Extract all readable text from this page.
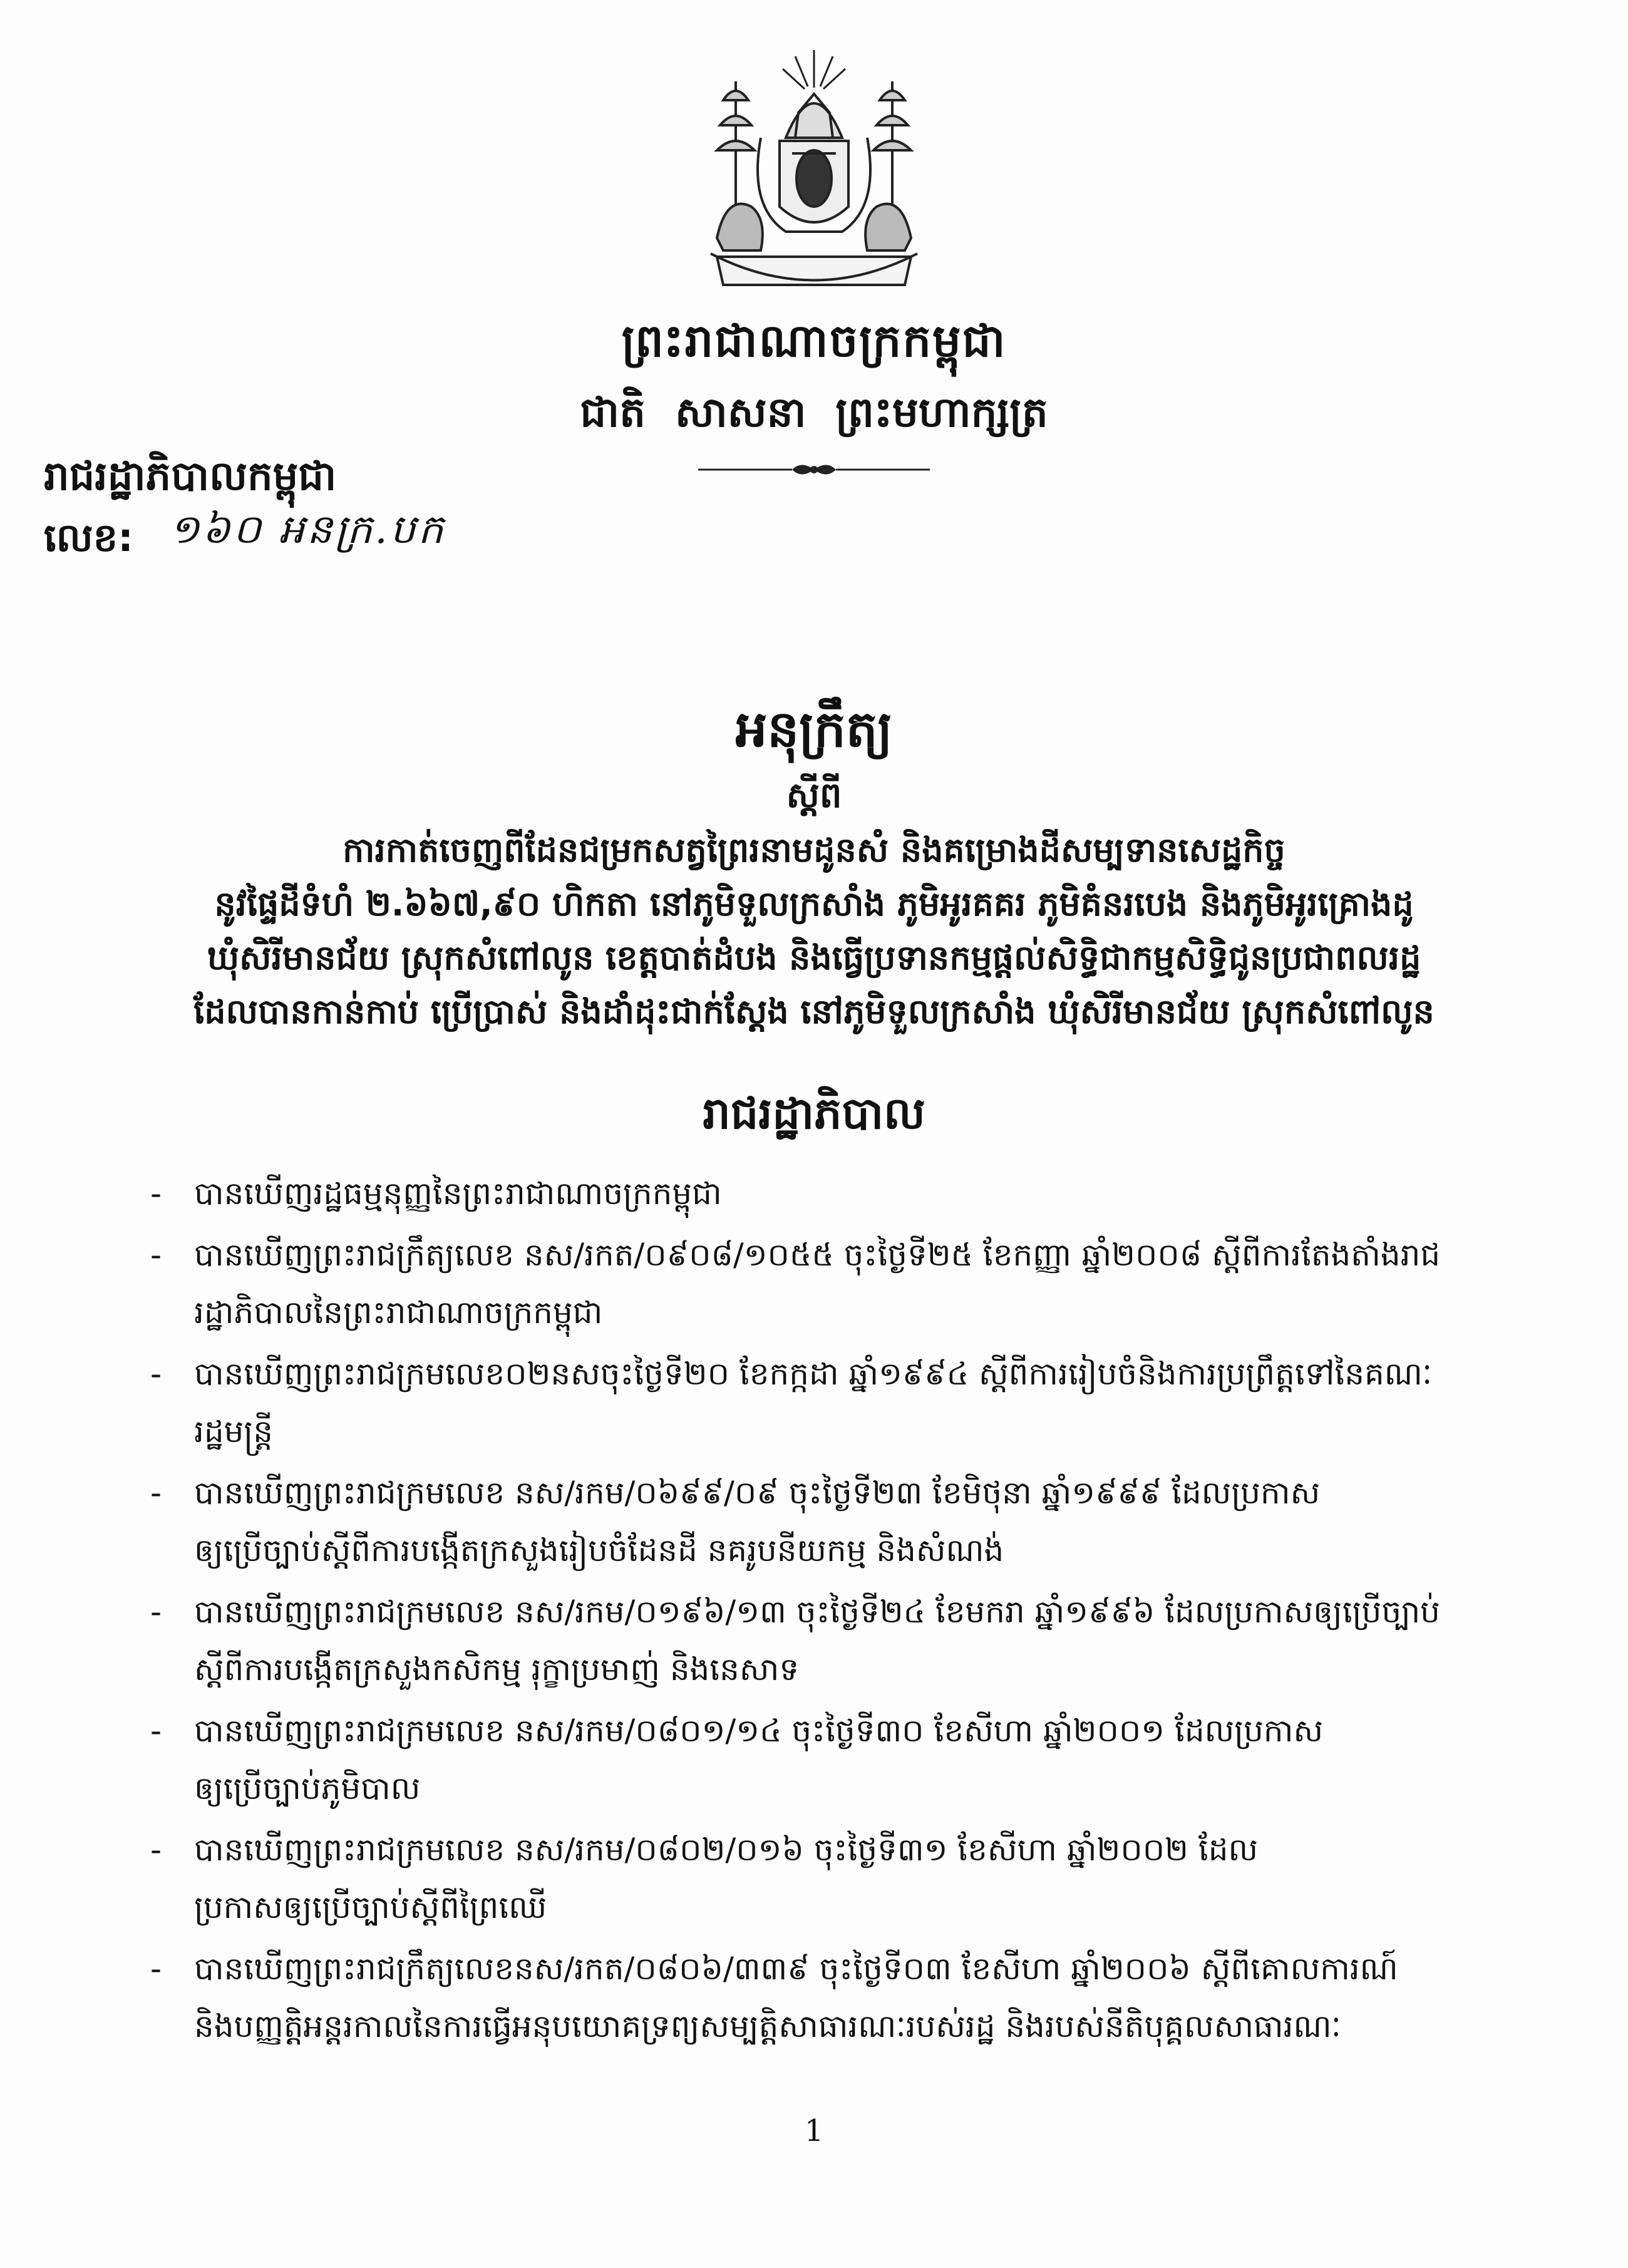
ព្រះរាជាណាចក្រកម្ពុជា
ជាតិ សាសនា ព្រះមហាក្សត្រ
រាជរដ្ឋាភិបាលកម្ពុជា
លេខ: ១៦០ អនក្រ.បក
អនុក្រឹត្យ
ស្តីពី
ការកាត់ចេញពីដែនជម្រកសត្វព្រៃរនាមដូនសំ និងគម្រោងដីសម្បទានសេដ្ឋកិច្ច
នូវផ្ទៃដីទំហំ ២.៦៦៧,៩០ ហិកតា នៅភូមិទួលក្រសាំង ភូមិអូរគគរ ភូមិគំនរបេង និងភូមិអូរគ្រោងដូ
ឃុំសិរីមានជ័យ ស្រុកសំពៅលូន ខេត្តបាត់ដំបង និងធ្វើប្រទានកម្មផ្តល់សិទ្ធិជាកម្មសិទ្ធិជូនប្រជាពលរដ្ឋ
ដែលបានកាន់កាប់ ប្រើប្រាស់ និងដាំដុះជាក់ស្តែង នៅភូមិទួលក្រសាំង ឃុំសិរីមានជ័យ ស្រុកសំពៅលូន
រាជរដ្ឋាភិបាល
-	បានឃើញរដ្ឋធម្មនុញ្ញនៃព្រះរាជាណាចក្រកម្ពុជា
-	បានឃើញព្រះរាជក្រឹត្យលេខ នស/រកត/០៩០៨/១០៥៥ ចុះថ្ងៃទី២៥ ខែកញ្ញា ឆ្នាំ២០០៨ ស្តីពីការតែងតាំងរាជ
រដ្ឋាភិបាលនៃព្រះរាជាណាចក្រកម្ពុជា
-	បានឃើញព្រះរាជក្រមលេខ០២នសចុះថ្ងៃទី២០ ខែកក្កដា ឆ្នាំ១៩៩៤ ស្តីពីការរៀបចំនិងការប្រព្រឹត្តទៅនៃគណៈ
រដ្ឋមន្ត្រី
-	បានឃើញព្រះរាជក្រមលេខ នស/រកម/០៦៩៩/០៩ ចុះថ្ងៃទី២៣ ខែមិថុនា ឆ្នាំ១៩៩៩ ដែលប្រកាស
ឲ្យប្រើច្បាប់ស្តីពីការបង្កើតក្រសួងរៀបចំដែនដី នគរូបនីយកម្ម និងសំណង់
-	បានឃើញព្រះរាជក្រមលេខ នស/រកម/០១៩៦/១៣ ចុះថ្ងៃទី២៤ ខែមករា ឆ្នាំ១៩៩៦ ដែលប្រកាសឲ្យប្រើច្បាប់
ស្តីពីការបង្កើតក្រសួងកសិកម្ម រុក្ខាប្រមាញ់ និងនេសាទ
-	បានឃើញព្រះរាជក្រមលេខ នស/រកម/០៨០១/១៤ ចុះថ្ងៃទី៣០ ខែសីហា ឆ្នាំ២០០១ ដែលប្រកាស
ឲ្យប្រើច្បាប់ភូមិបាល
-	បានឃើញព្រះរាជក្រមលេខ នស/រកម/០៨០២/០១៦ ចុះថ្ងៃទី៣១ ខែសីហា ឆ្នាំ២០០២ ដែល
ប្រកាសឲ្យប្រើច្បាប់ស្តីពីព្រៃឈើ
-	បានឃើញព្រះរាជក្រឹត្យលេខនស/រកត/០៨០៦/៣៣៩ ចុះថ្ងៃទី០៣ ខែសីហា ឆ្នាំ២០០៦ ស្តីពីគោលការណ៍
និងបញ្ញត្តិអន្តរកាលនៃការធ្វើអនុបយោគទ្រព្យសម្បត្តិសាធារណៈរបស់រដ្ឋ និងរបស់នីតិបុគ្គលសាធារណៈ
1
